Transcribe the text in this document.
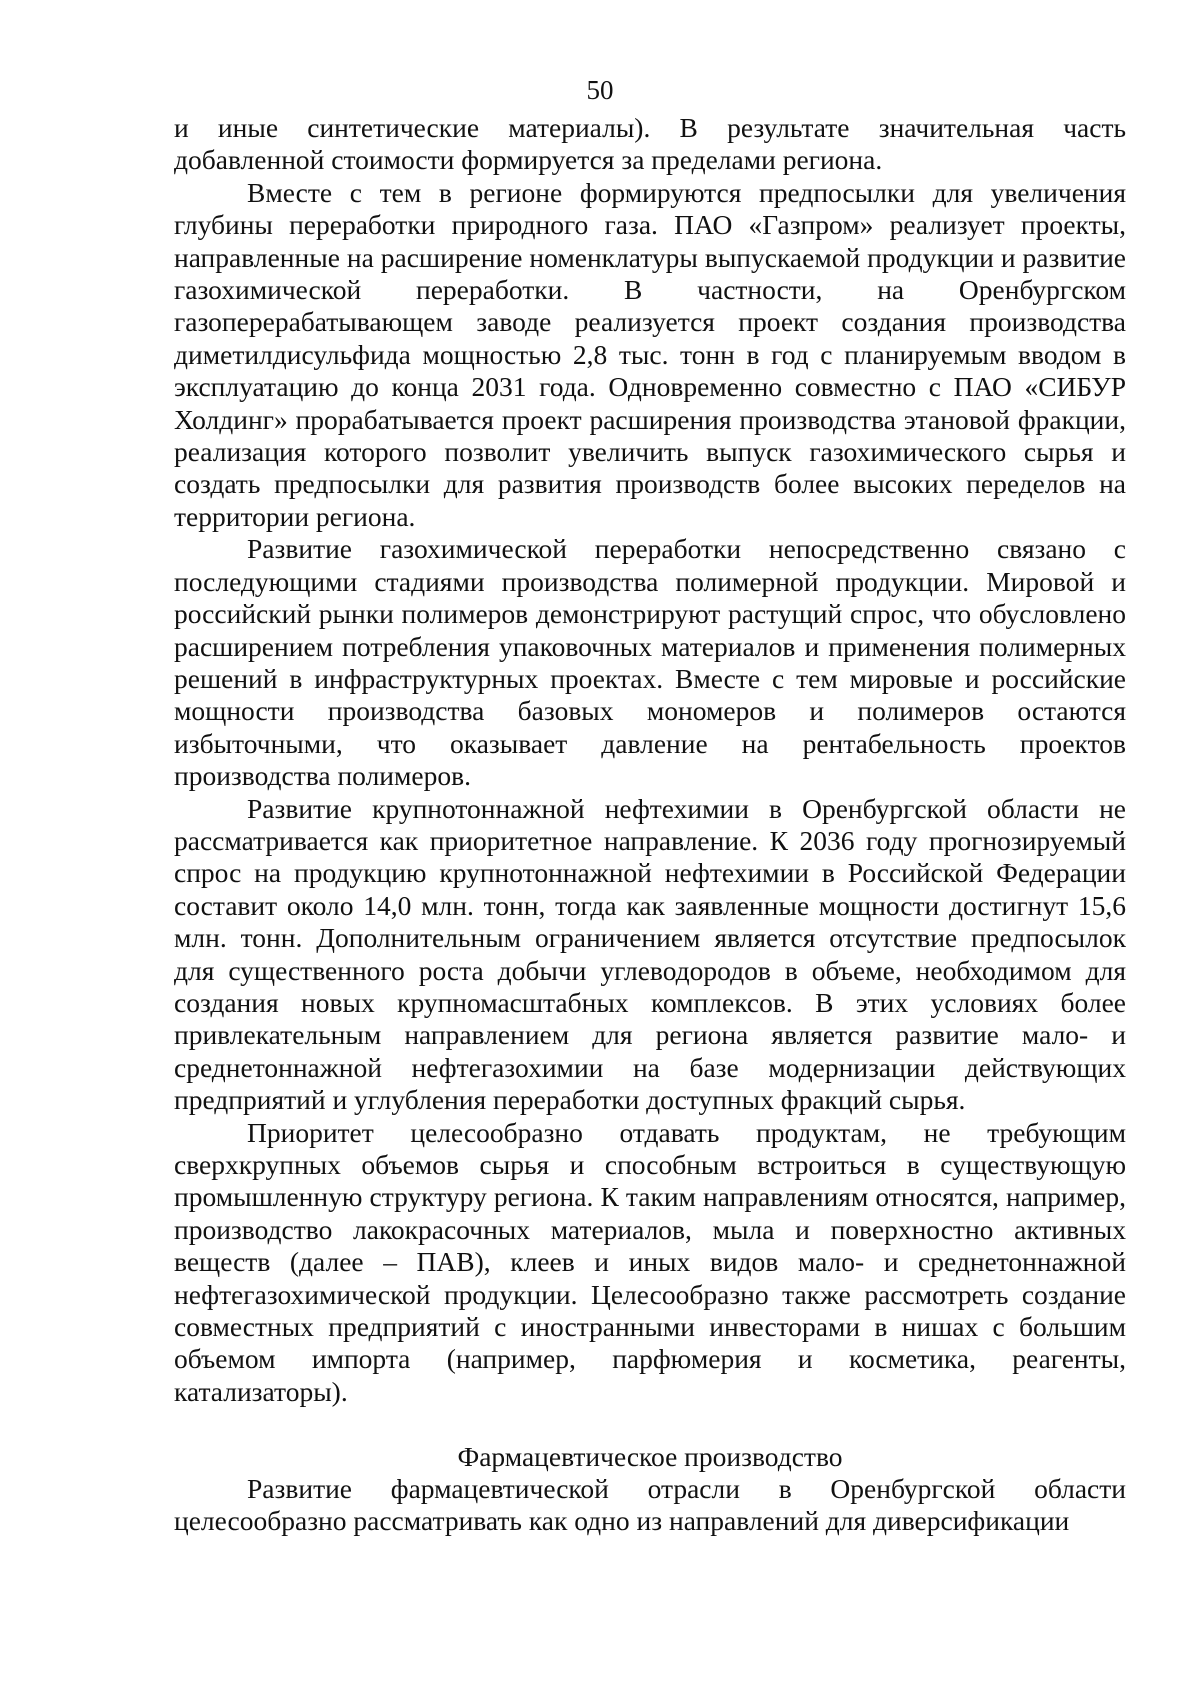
50

и иные синтетические материалы). В результате значительная часть добавленной стоимости формируется за пределами региона.

Вместе с тем в регионе формируются предпосылки для увеличения глубины переработки природного газа. ПАО «Газпром» реализует проекты, направленные на расширение номенклатуры выпускаемой продукции и развитие газохимической переработки. В частности, на Оренбургском газоперерабатывающем заводе реализуется проект создания производства диметилдисульфида мощностью 2,8 тыс. тонн в год с планируемым вводом в эксплуатацию до конца 2031 года. Одновременно совместно с ПАО «СИБУР Холдинг» прорабатывается проект расширения производства этановой фракции, реализация которого позволит увеличить выпуск газохимического сырья и создать предпосылки для развития производств более высоких переделов на территории региона.

Развитие газохимической переработки непосредственно связано с последующими стадиями производства полимерной продукции. Мировой и российский рынки полимеров демонстрируют растущий спрос, что обусловлено расширением потребления упаковочных материалов и применения полимерных решений в инфраструктурных проектах. Вместе с тем мировые и российские мощности производства базовых мономеров и полимеров остаются избыточными, что оказывает давление на рентабельность проектов производства полимеров.

Развитие крупнотоннажной нефтехимии в Оренбургской области не рассматривается как приоритетное направление. К 2036 году прогнозируемый спрос на продукцию крупнотоннажной нефтехимии в Российской Федерации составит около 14,0 млн. тонн, тогда как заявленные мощности достигнут 15,6 млн. тонн. Дополнительным ограничением является отсутствие предпосылок для существенного роста добычи углеводородов в объеме, необходимом для создания новых крупномасштабных комплексов. В этих условиях более привлекательным направлением для региона является развитие мало- и среднетоннажной нефтегазохимии на базе модернизации действующих предприятий и углубления переработки доступных фракций сырья.

Приоритет целесообразно отдавать продуктам, не требующим сверхкрупных объемов сырья и способным встроиться в существующую промышленную структуру региона. К таким направлениям относятся, например, производство лакокрасочных материалов, мыла и поверхностно активных веществ (далее – ПАВ), клеев и иных видов мало- и среднетоннажной нефтегазохимической продукции. Целесообразно также рассмотреть создание совместных предприятий с иностранными инвесторами в нишах с большим объемом импорта (например, парфюмерия и косметика, реагенты, катализаторы).

Фармацевтическое производство

Развитие фармацевтической отрасли в Оренбургской области целесообразно рассматривать как одно из направлений для диверсификации
